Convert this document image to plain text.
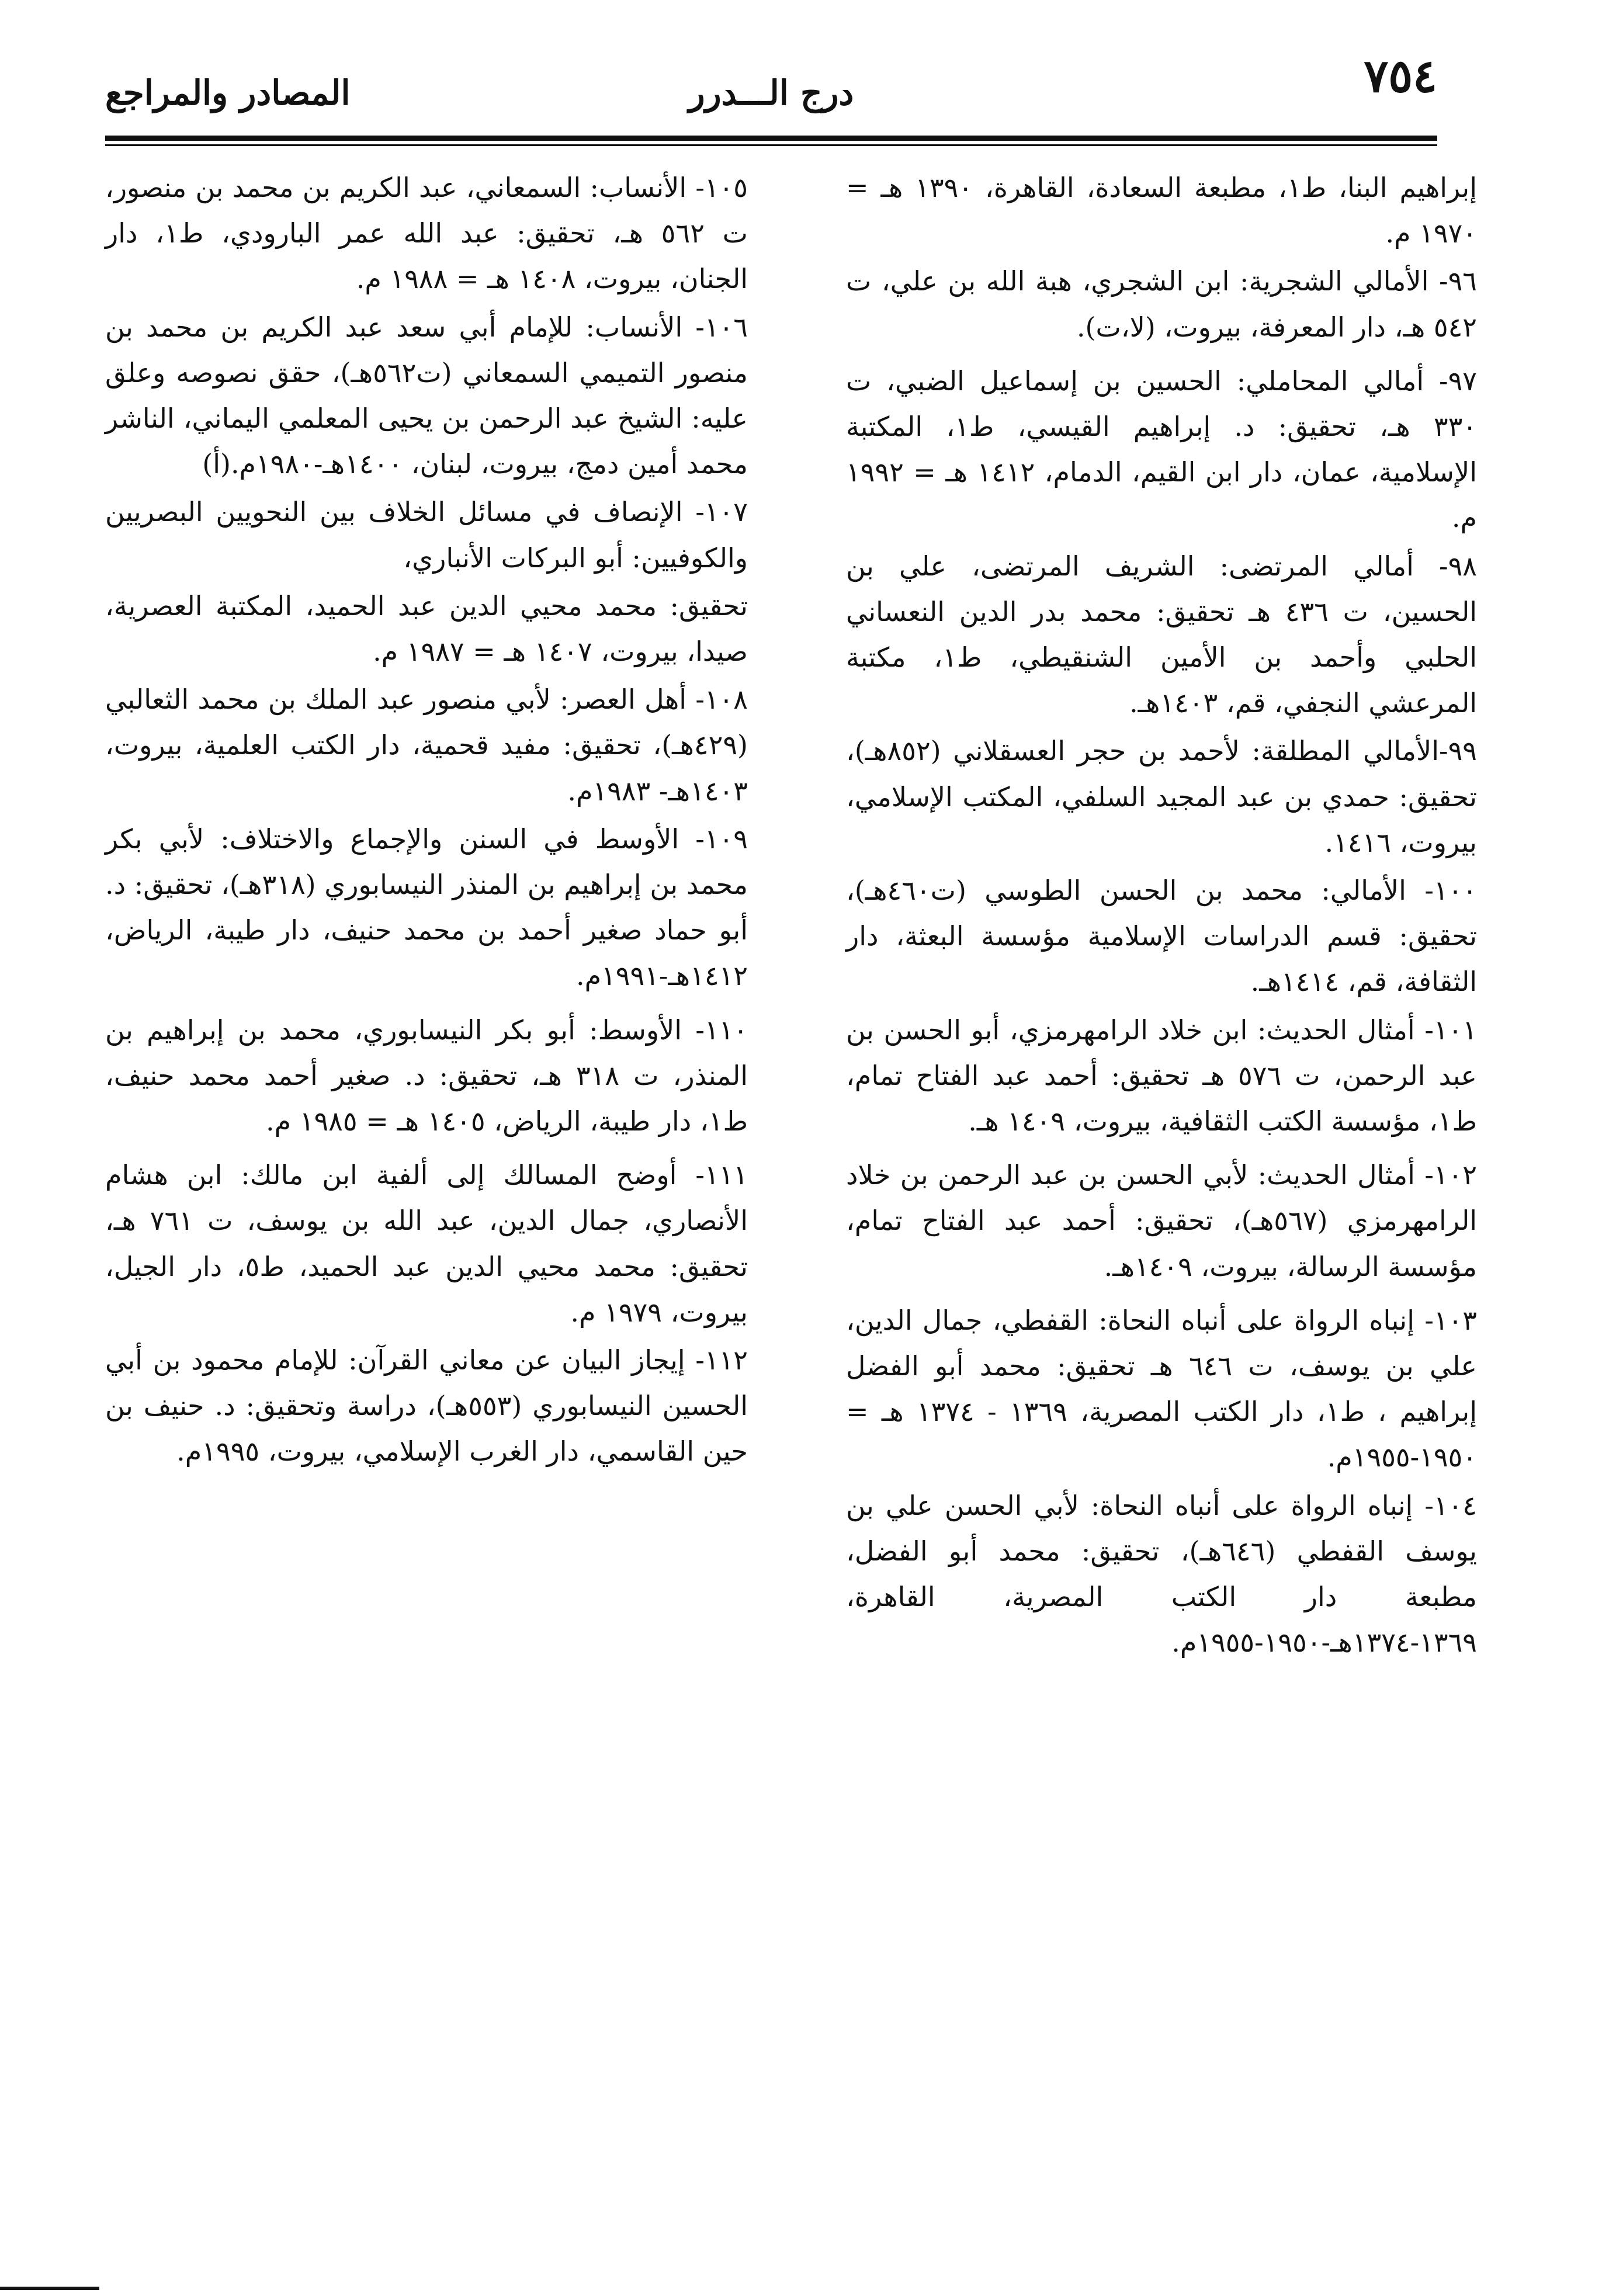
٧٥٤
درج الـــدرر
المصادر والمراجع

إبراهيم البنا، ط١، مطبعة السعادة، القاهرة، ١٣٩٠ هـ = ١٩٧٠ م.

٩٦- الأمالي الشجرية: ابن الشجري، هبة الله بن علي، ت ٥٤٢ هـ، دار المعرفة، بيروت، (لا،ت).

٩٧- أمالي المحاملي: الحسين بن إسماعيل الضبي، ت ٣٣٠ هـ، تحقيق: د. إبراهيم القيسي، ط١، المكتبة الإسلامية، عمان، دار ابن القيم، الدمام، ١٤١٢ هـ = ١٩٩٢ م.

٩٨- أمالي المرتضى: الشريف المرتضى، علي بن الحسين، ت ٤٣٦ هـ تحقيق: محمد بدر الدين النعساني الحلبي وأحمد بن الأمين الشنقيطي، ط١، مكتبة المرعشي النجفي، قم، ١٤٠٣هـ.

٩٩-الأمالي المطلقة: لأحمد بن حجر العسقلاني (٨٥٢هـ)، تحقيق: حمدي بن عبد المجيد السلفي، المكتب الإسلامي، بيروت، ١٤١٦.

١٠٠- الأمالي: محمد بن الحسن الطوسي (ت٤٦٠هـ)، تحقيق: قسم الدراسات الإسلامية مؤسسة البعثة، دار الثقافة، قم، ١٤١٤هـ.

١٠١- أمثال الحديث: ابن خلاد الرامهرمزي، أبو الحسن بن عبد الرحمن، ت ٥٧٦ هـ تحقيق: أحمد عبد الفتاح تمام، ط١، مؤسسة الكتب الثقافية، بيروت، ١٤٠٩ هـ.

١٠٢- أمثال الحديث: لأبي الحسن بن عبد الرحمن بن خلاد الرامهرمزي (٥٦٧هـ)، تحقيق: أحمد عبد الفتاح تمام، مؤسسة الرسالة، بيروت، ١٤٠٩هـ.

١٠٣- إنباه الرواة على أنباه النحاة: القفطي، جمال الدين، علي بن يوسف، ت ٦٤٦ هـ تحقيق: محمد أبو الفضل إبراهيم ، ط١، دار الكتب المصرية، ١٣٦٩ - ١٣٧٤ هـ = ١٩٥٠-١٩٥٥م.

١٠٤- إنباه الرواة على أنباه النحاة: لأبي الحسن علي بن يوسف القفطي (٦٤٦هـ)، تحقيق: محمد أبو الفضل، مطبعة دار الكتب المصرية، القاهرة، ١٣٦٩-١٣٧٤هـ-١٩٥٠-١٩٥٥م.

١٠٥- الأنساب: السمعاني، عبد الكريم بن محمد بن منصور، ت ٥٦٢ هـ، تحقيق: عبد الله عمر البارودي، ط١، دار الجنان، بيروت، ١٤٠٨ هـ = ١٩٨٨ م.

١٠٦- الأنساب: للإمام أبي سعد عبد الكريم بن محمد بن منصور التميمي السمعاني (ت٥٦٢هـ)، حقق نصوصه وعلق عليه: الشيخ عبد الرحمن بن يحيى المعلمي اليماني، الناشر محمد أمين دمج، بيروت، لبنان، ١٤٠٠هـ-١٩٨٠م.(أ)

١٠٧- الإنصاف في مسائل الخلاف بين النحويين البصريين والكوفيين: أبو البركات الأنباري،

تحقيق: محمد محيي الدين عبد الحميد، المكتبة العصرية، صيدا، بيروت، ١٤٠٧ هـ = ١٩٨٧ م.

١٠٨- أهل العصر: لأبي منصور عبد الملك بن محمد الثعالبي (٤٢٩هـ)، تحقيق: مفيد قحمية، دار الكتب العلمية، بيروت، ١٤٠٣هـ- ١٩٨٣م.

١٠٩- الأوسط في السنن والإجماع والاختلاف: لأبي بكر محمد بن إبراهيم بن المنذر النيسابوري (٣١٨هـ)، تحقيق: د. أبو حماد صغير أحمد بن محمد حنيف، دار طيبة، الرياض، ١٤١٢هـ-١٩٩١م.

١١٠- الأوسط: أبو بكر النيسابوري، محمد بن إبراهيم بن المنذر، ت ٣١٨ هـ، تحقيق: د. صغير أحمد محمد حنيف، ط١، دار طيبة، الرياض، ١٤٠٥ هـ = ١٩٨٥ م.

١١١- أوضح المسالك إلى ألفية ابن مالك: ابن هشام الأنصاري، جمال الدين، عبد الله بن يوسف، ت ٧٦١ هـ، تحقيق: محمد محيي الدين عبد الحميد، ط٥، دار الجيل، بيروت، ١٩٧٩ م.

١١٢- إيجاز البيان عن معاني القرآن: للإمام محمود بن أبي الحسين النيسابوري (٥٥٣هـ)، دراسة وتحقيق: د. حنيف بن حين القاسمي، دار الغرب الإسلامي، بيروت، ١٩٩٥م.
